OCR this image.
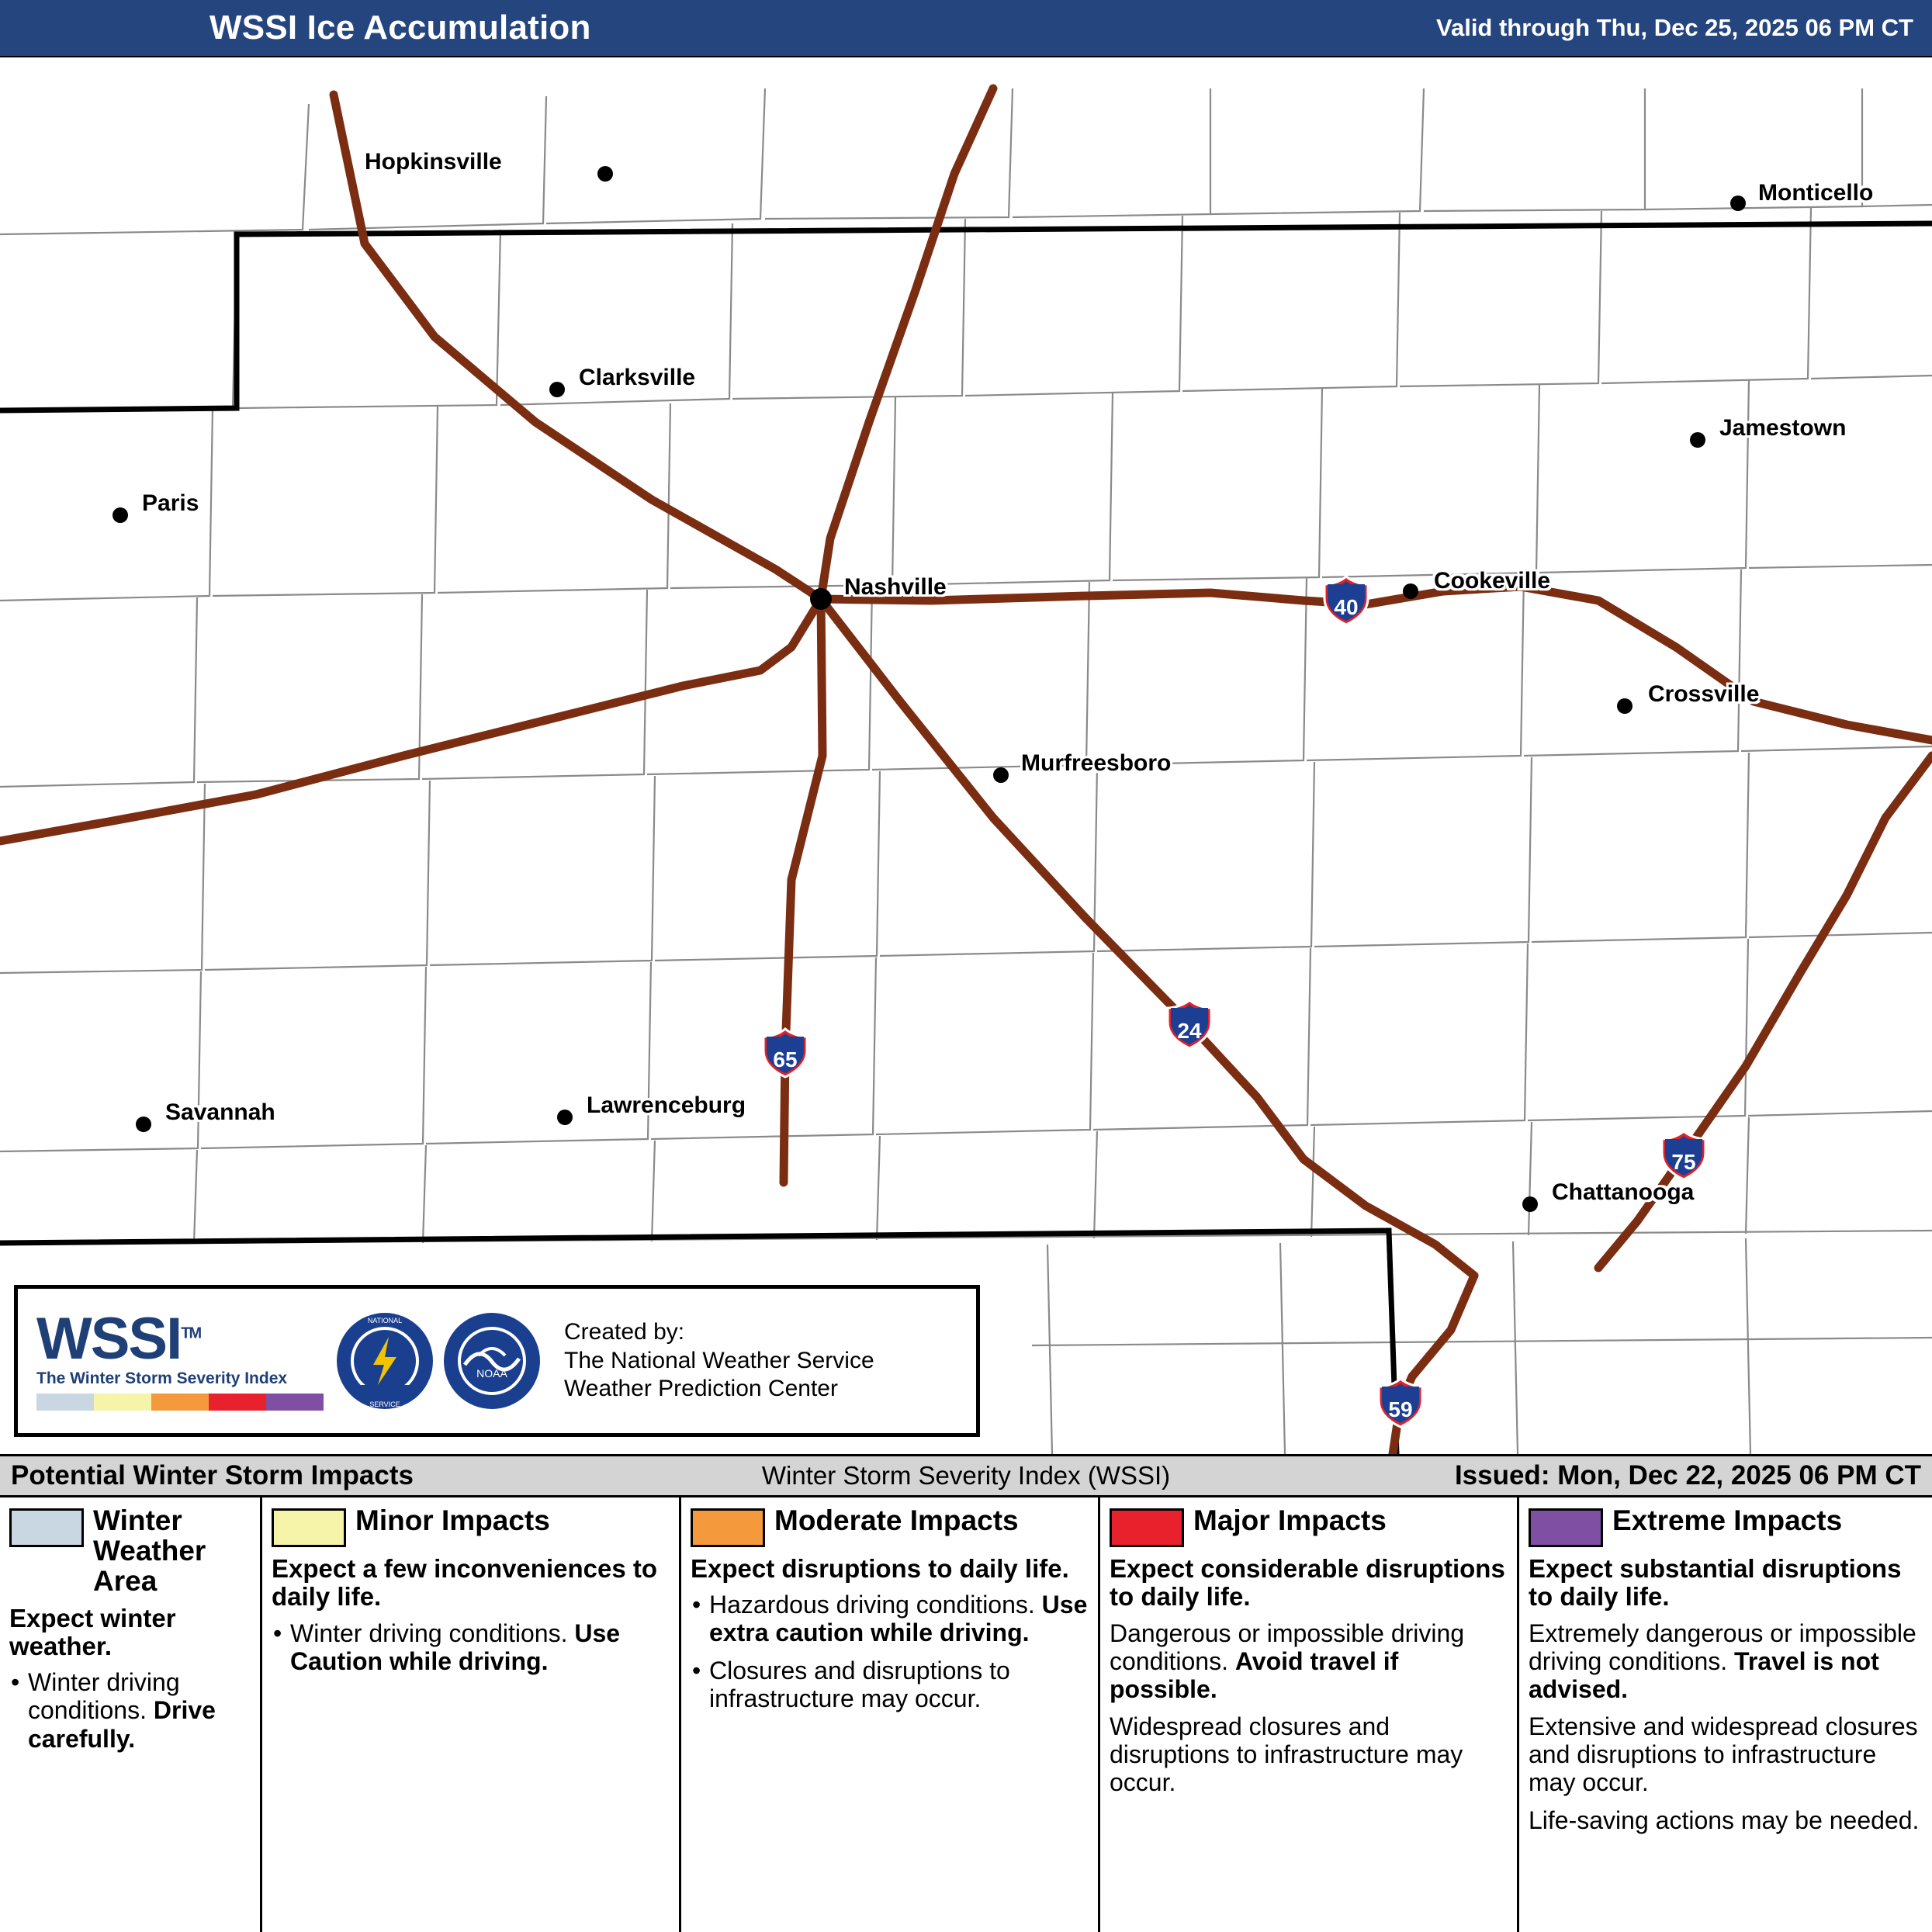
WSSI Ice Accumulation	Valid through Thu, Dec 25, 2025 06 PM CT
Hopkinsville
Monticello
Clarksville
Jamestown
Paris
Nashville	Cookeville
Crossville
Murfreesboro
Savannah	Lawrenceburg
Chattanooga
40
65
24
75
59
WSSI™
The Winter Storm Severity Index
NATIONAL
SERVICE
NOAA
Created by:
The National Weather Service
Weather Prediction Center
Potential Winter Storm Impacts	Winter Storm Severity Index (WSSI)	Issued: Mon, Dec 22, 2025 06 PM CT
Winter Weather Area
Expect winter weather.
• Winter driving conditions. Drive carefully.
Minor Impacts
Expect a few inconveniences to daily life.
• Winter driving conditions. Use Caution while driving.
Moderate Impacts
Expect disruptions to daily life.
• Hazardous driving conditions. Use extra caution while driving.
• Closures and disruptions to infrastructure may occur.
Major Impacts
Expect considerable disruptions to daily life.
Dangerous or impossible driving conditions. Avoid travel if possible.
Widespread closures and disruptions to infrastructure may occur.
Extreme Impacts
Expect substantial disruptions to daily life.
Extremely dangerous or impossible driving conditions. Travel is not advised.
Extensive and widespread closures and disruptions to infrastructure may occur.
Life-saving actions may be needed.
